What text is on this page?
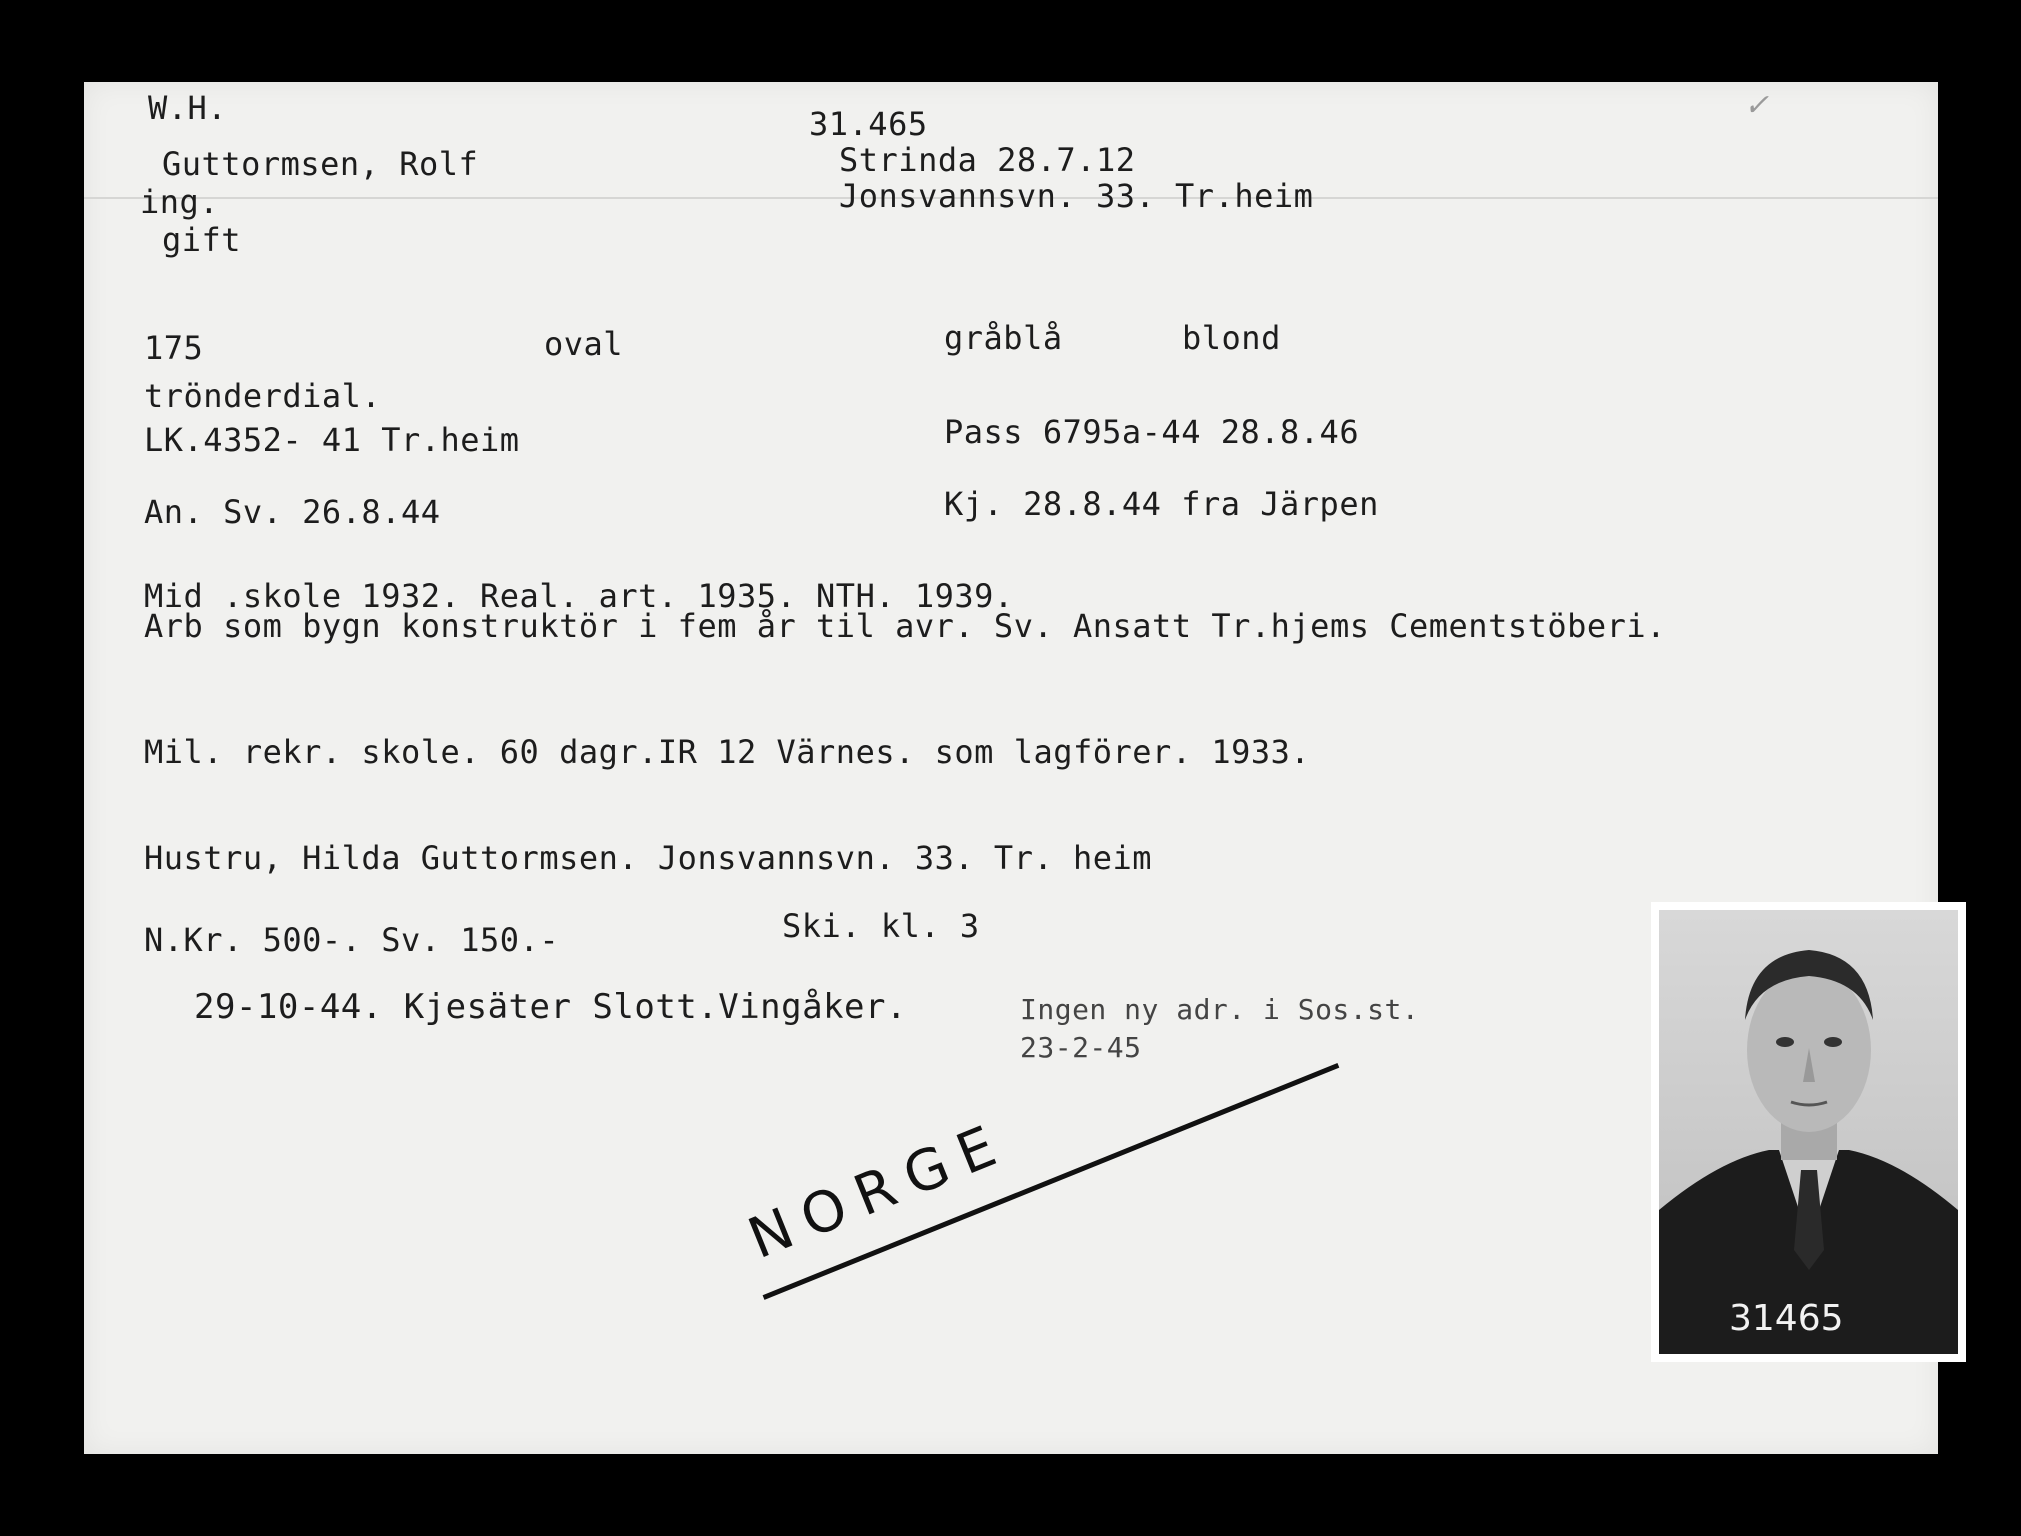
W.H.	31.465
Guttormsen, Rolf	Strinda 28.7.12
ing.	Jonsvannsvn. 33. Tr.heim
gift
175	oval	gråblå	blond
trönderdial.
LK.4352- 41 Tr.heim	Pass 6795a-44 28.8.46
An. Sv. 26.8.44	Kj. 28.8.44 fra Järpen
Mid .skole 1932. Real. art. 1935. NTH. 1939.
Arb som bygn konstruktör i fem år til avr. Sv. Ansatt Tr.hjems Cementstöberi.
Mil. rekr. skole. 60 dagr.IR 12 Värnes. som lagförer. 1933.
Hustru, Hilda Guttormsen. Jonsvannsvn. 33. Tr. heim
N.Kr. 500-. Sv. 150.-	Ski. kl. 3
29-10-44. Kjesäter Slott.Vingåker.	Ingen ny adr. i Sos.st.
23-2-45
✓
NORGE
31465
